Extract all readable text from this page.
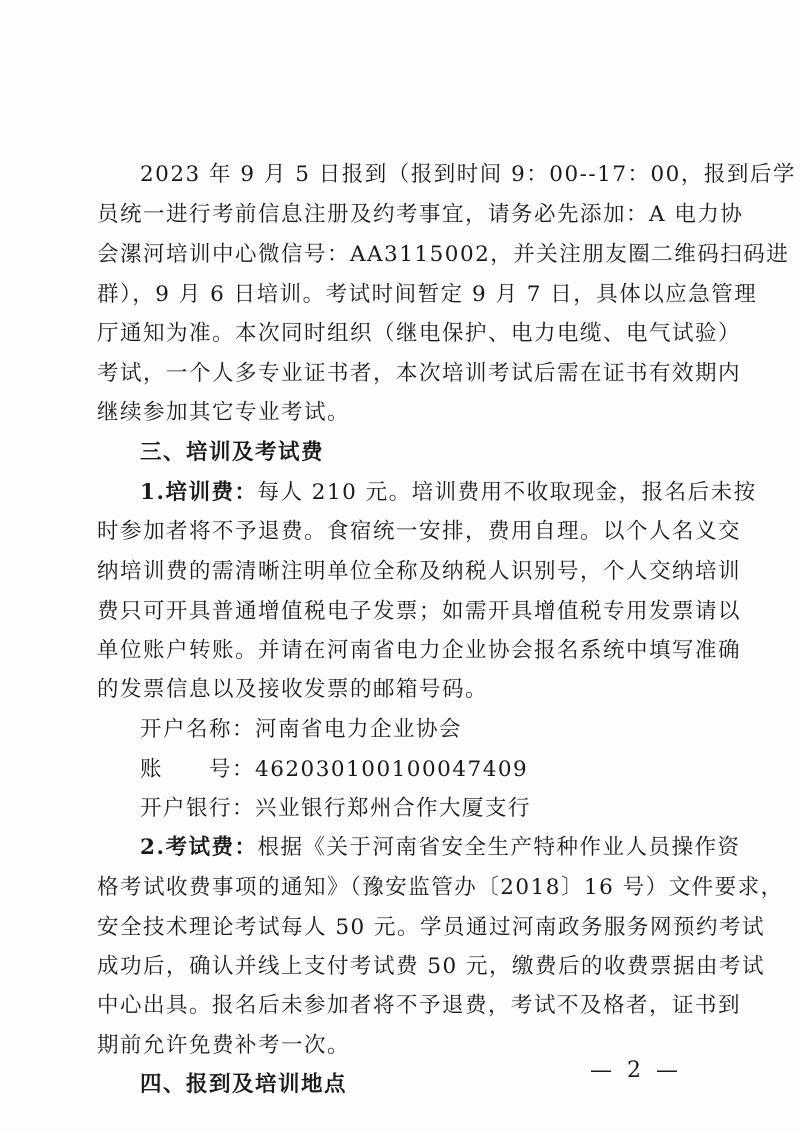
2023 年 9 月 5 日报到（报到时间 9：00--17：00，报到后学
员统一进行考前信息注册及约考事宜，请务必先添加：A 电力协
会漯河培训中心微信号：AA3115002，并关注朋友圈二维码扫码进
群），9 月 6 日培训。考试时间暂定 9 月 7 日，具体以应急管理
厅通知为准。本次同时组织（继电保护、电力电缆、电气试验）
考试，一个人多专业证书者，本次培训考试后需在证书有效期内
继续参加其它专业考试。
三、培训及考试费
1.培训费：每人 210 元。培训费用不收取现金，报名后未按
时参加者将不予退费。食宿统一安排，费用自理。以个人名义交
纳培训费的需清晰注明单位全称及纳税人识别号，个人交纳培训
费只可开具普通增值税电子发票；如需开具增值税专用发票请以
单位账户转账。并请在河南省电力企业协会报名系统中填写准确
的发票信息以及接收发票的邮箱号码。
开户名称：河南省电力企业协会
账　　号：462030100100047409
开户银行：兴业银行郑州合作大厦支行
2.考试费：根据《关于河南省安全生产特种作业人员操作资
格考试收费事项的通知》（豫安监管办〔2018〕16 号）文件要求，
安全技术理论考试每人 50 元。学员通过河南政务服务网预约考试
成功后，确认并线上支付考试费 50 元，缴费后的收费票据由考试
中心出具。报名后未参加者将不予退费，考试不及格者，证书到
期前允许免费补考一次。
四、报到及培训地点
— 2 —
